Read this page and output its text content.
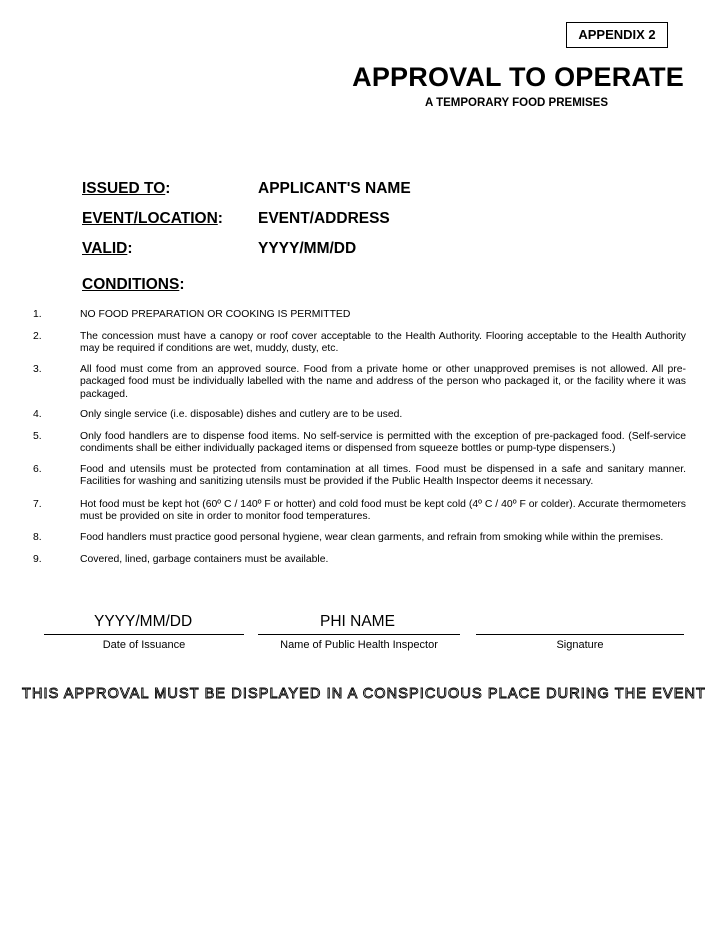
APPENDIX 2
APPROVAL TO OPERATE
A TEMPORARY FOOD PREMISES
ISSUED TO:	APPLICANT'S NAME
EVENT/LOCATION: EVENT/ADDRESS
VALID:	YYYY/MM/DD
CONDITIONS:
1.	NO FOOD PREPARATION OR COOKING IS PERMITTED
2.	The concession must have a canopy or roof cover acceptable to the Health Authority. Flooring acceptable to the Health Authority may be required if conditions are wet, muddy, dusty, etc.
3.	All food must come from an approved source. Food from a private home or other unapproved premises is not allowed. All pre-packaged food must be individually labelled with the name and address of the person who packaged it, or the facility where it was packaged.
4.	Only single service (i.e. disposable) dishes and cutlery are to be used.
5.	Only food handlers are to dispense food items. No self-service is permitted with the exception of pre-packaged food. (Self-service condiments shall be either individually packaged items or dispensed from squeeze bottles or pump-type dispensers.)
6.	Food and utensils must be protected from contamination at all times. Food must be dispensed in a safe and sanitary manner. Facilities for washing and sanitizing utensils must be provided if the Public Health Inspector deems it necessary.
7.	Hot food must be kept hot (60º C / 140º F or hotter) and cold food must be kept cold (4º C / 40º F or colder). Accurate thermometers must be provided on site in order to monitor food temperatures.
8.	Food handlers must practice good personal hygiene, wear clean garments, and refrain from smoking while within the premises.
9.	Covered, lined, garbage containers must be available.
YYYY/MM/DD	PHI NAME
Date of Issuance	Name of Public Health Inspector	Signature
THIS APPROVAL MUST BE DISPLAYED IN A CONSPICUOUS PLACE DURING THE EVENT
